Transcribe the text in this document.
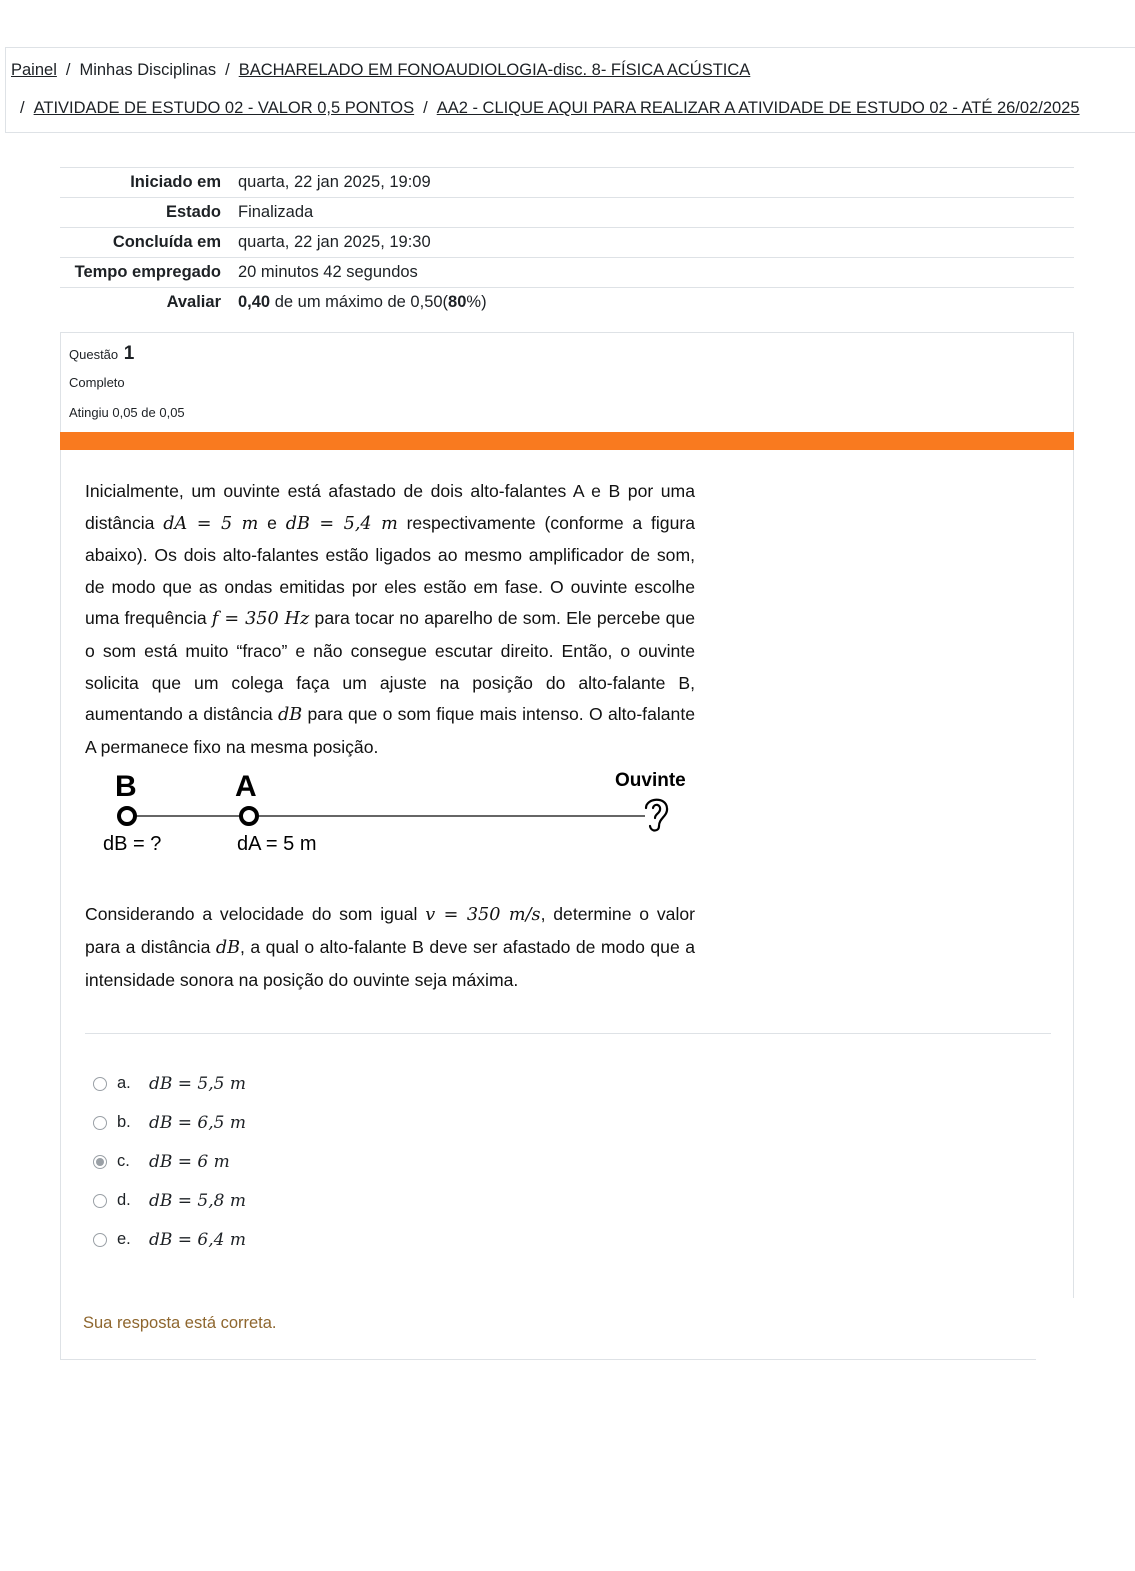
Painel / Minhas Disciplinas / BACHARELADO EM FONOAUDIOLOGIA-disc. 8- FÍSICA ACÚSTICA
/ ATIVIDADE DE ESTUDO 02 - VALOR 0,5 PONTOS / AA2 - CLIQUE AQUI PARA REALIZAR A ATIVIDADE DE ESTUDO 02 - ATÉ 26/02/2025
Iniciado em	quarta, 22 jan 2025, 19:09
Estado	Finalizada
Concluída em	quarta, 22 jan 2025, 19:30
Tempo empregado	20 minutos 42 segundos
Avaliar	0,40 de um máximo de 0,50(80%)
Questão 1
Completo
Atingiu 0,05 de 0,05

Inicialmente, um ouvinte está afastado de dois alto-falantes A e B por uma distância dA = 5 m e dB = 5,4 m respectivamente (conforme a figura abaixo). Os dois alto-falantes estão ligados ao mesmo amplificador de som, de modo que as ondas emitidas por eles estão em fase. O ouvinte escolhe uma frequência f = 350 Hz para tocar no aparelho de som. Ele percebe que o som está muito “fraco” e não consegue escutar direito. Então, o ouvinte solicita que um colega faça um ajuste na posição do alto-falante B, aumentando a distância dB para que o som fique mais intenso. O alto-falante A permanece fixo na mesma posição.

B	A	Ouvinte
dB = ?	dA = 5 m

Considerando a velocidade do som igual v = 350 m/s, determine o valor para a distância dB, a qual o alto-falante B deve ser afastado de modo que a intensidade sonora na posição do ouvinte seja máxima.

a.	dB = 5,5 m
b.	dB = 6,5 m
c.	dB = 6 m
d.	dB = 5,8 m
e.	dB = 6,4 m
Sua resposta está correta.
